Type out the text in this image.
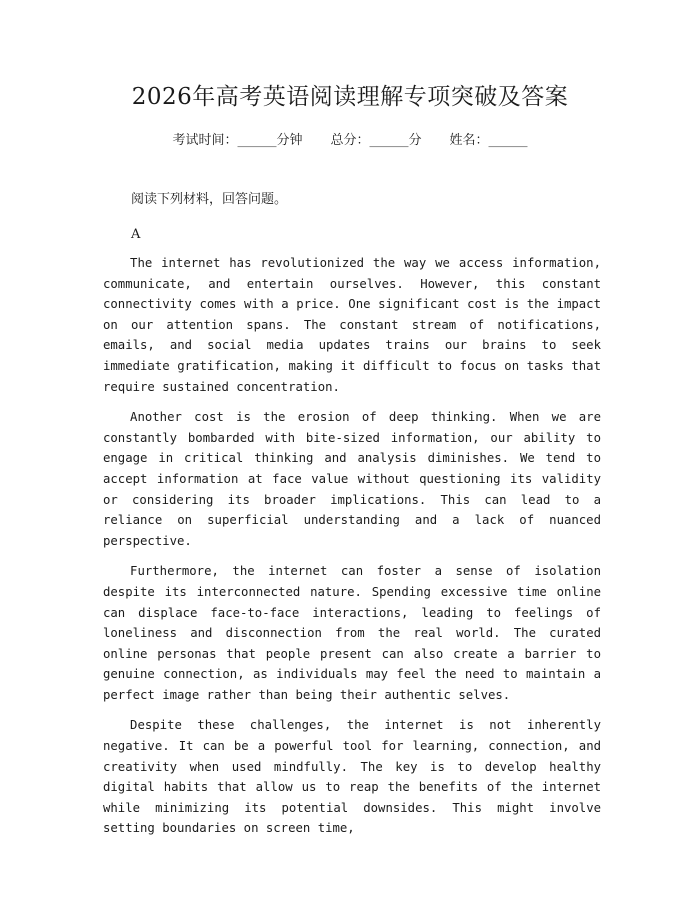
2026年高考英语阅读理解专项突破及答案
考试时间：______分钟 总分：______分 姓名：______
阅读下列材料，回答问题。
A

The internet has revolutionized the way we access information, communicate, and entertain ourselves. However, this constant connectivity comes with a price. One significant cost is the impact on our attention spans. The constant stream of notifications, emails, and social media updates trains our brains to seek immediate gratification, making it difficult to focus on tasks that require sustained concentration.

Another cost is the erosion of deep thinking. When we are constantly bombarded with bite-sized information, our ability to engage in critical thinking and analysis diminishes. We tend to accept information at face value without questioning its validity or considering its broader implications. This can lead to a reliance on superficial understanding and a lack of nuanced perspective.

Furthermore, the internet can foster a sense of isolation despite its interconnected nature. Spending excessive time online can displace face-to-face interactions, leading to feelings of loneliness and disconnection from the real world. The curated online personas that people present can also create a barrier to genuine connection, as individuals may feel the need to maintain a perfect image rather than being their authentic selves.

Despite these challenges, the internet is not inherently negative. It can be a powerful tool for learning, connection, and creativity when used mindfully. The key is to develop healthy digital habits that allow us to reap the benefits of the internet while minimizing its potential downsides. This might involve setting boundaries on screen time,
